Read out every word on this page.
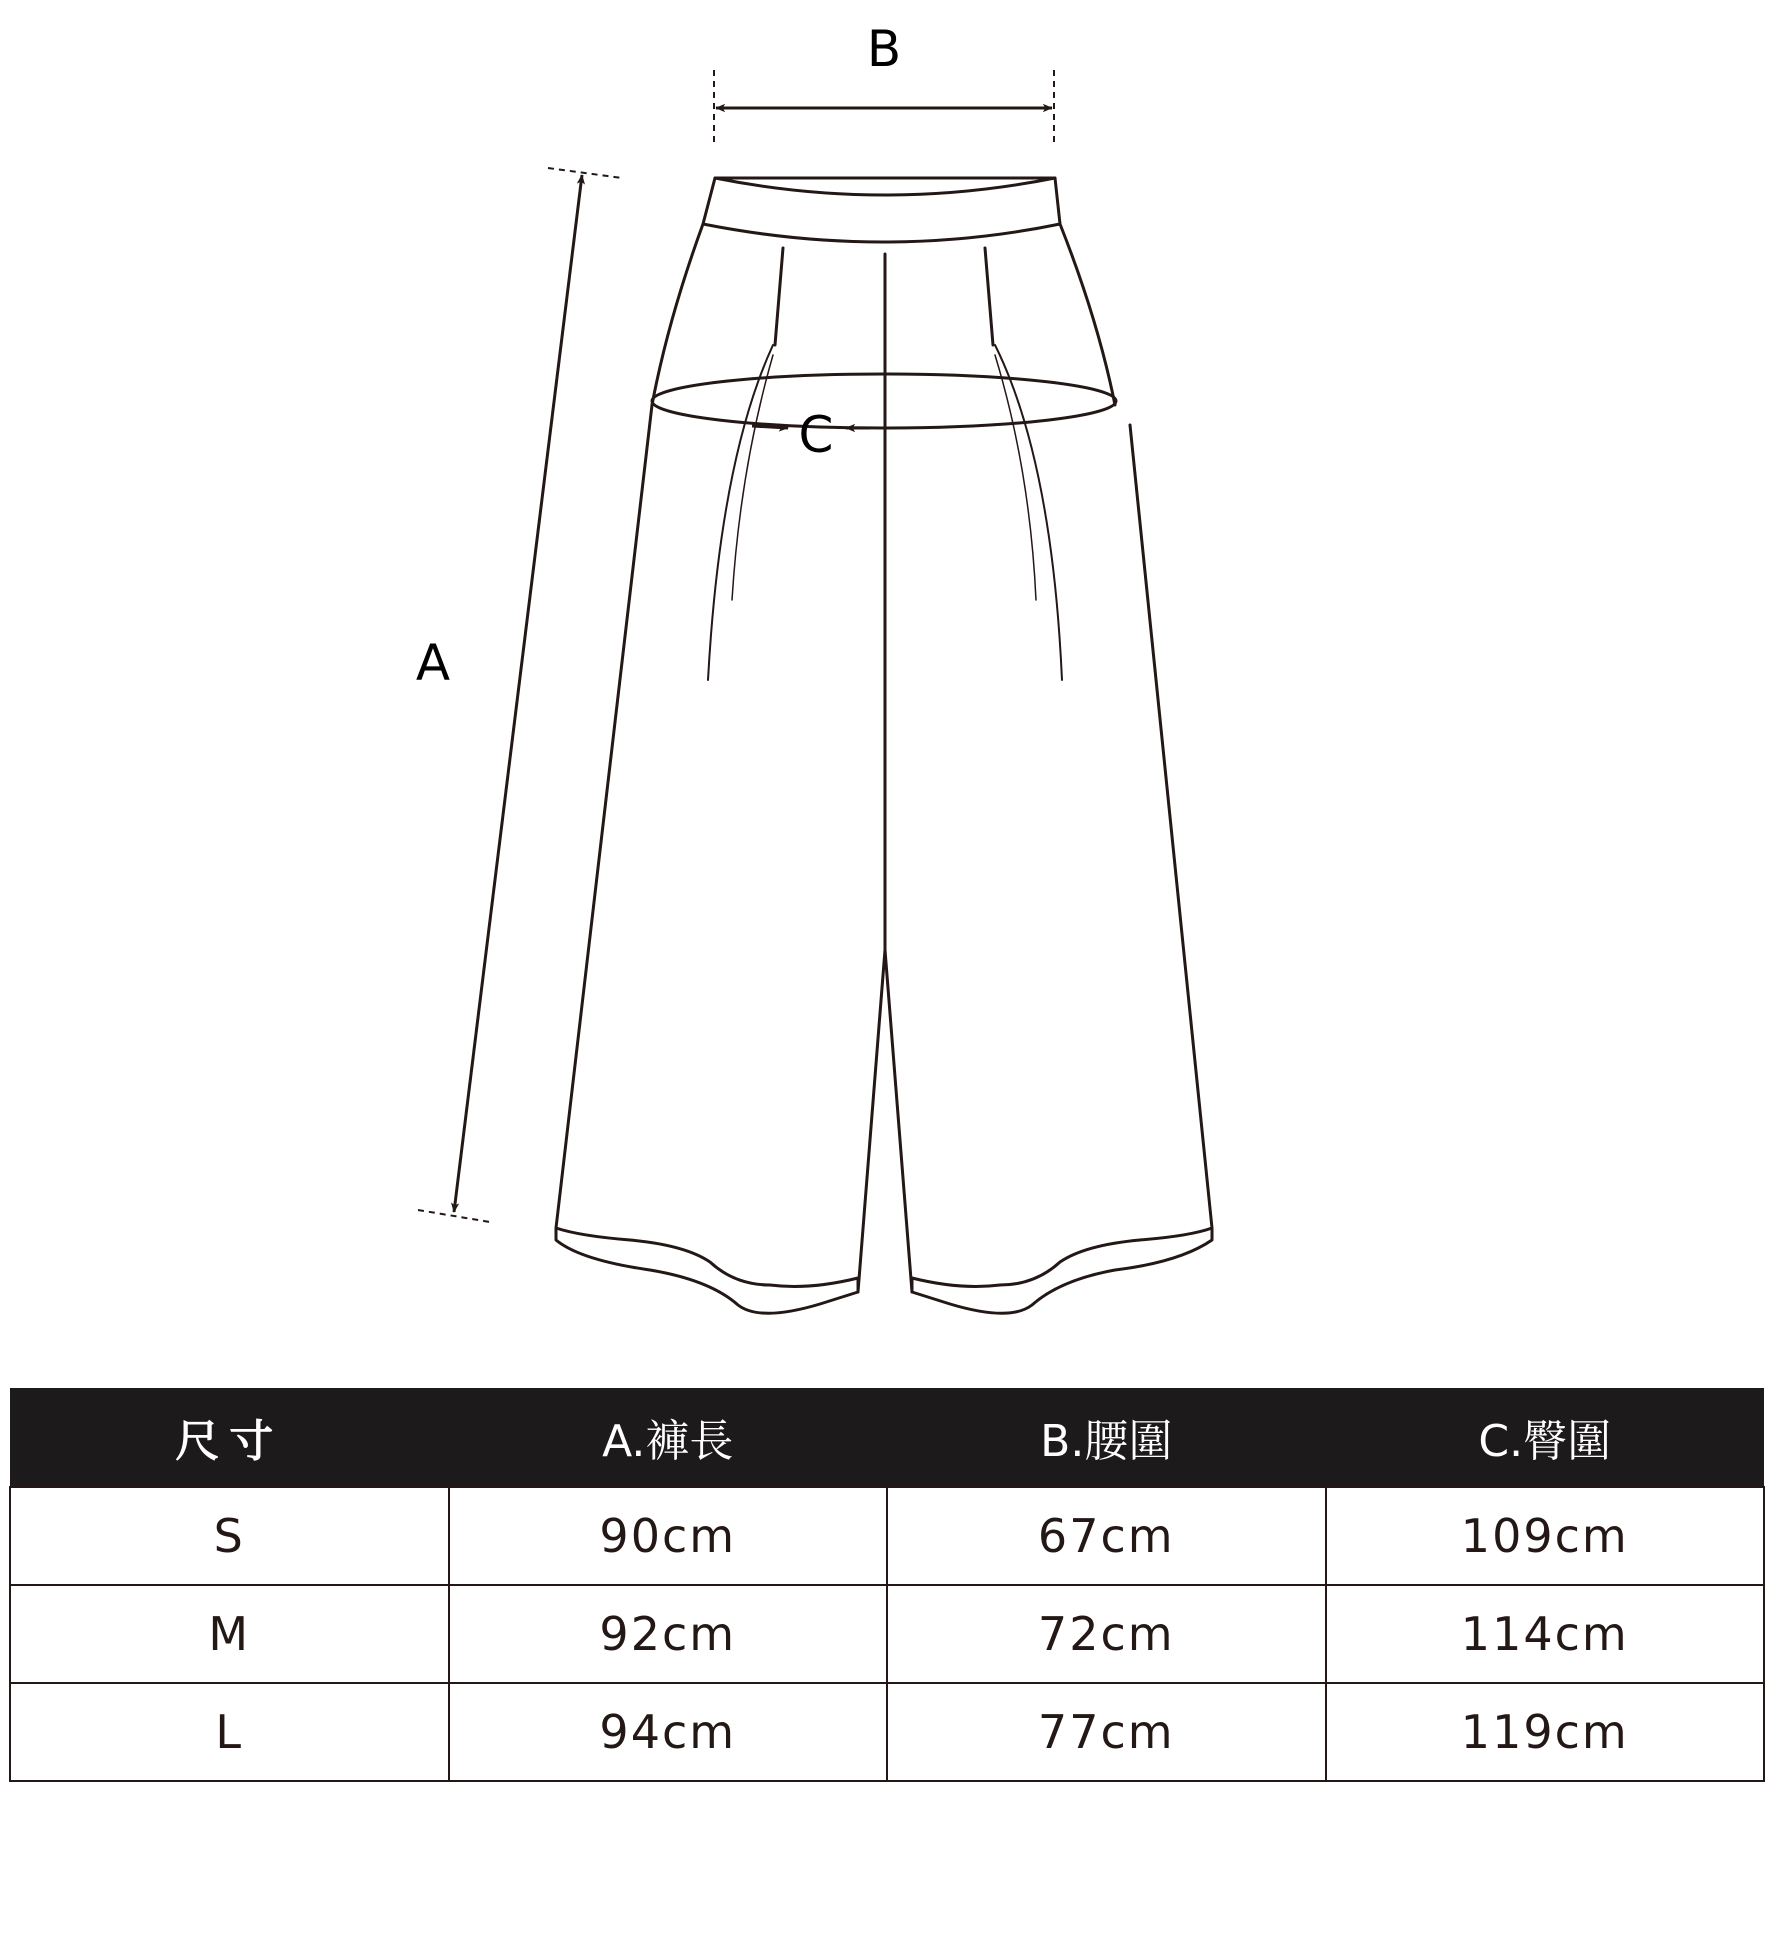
B
A
C
尺寸	A.褲長	B.腰圍	C.臀圍
S	90cm	67cm	109cm
M	92cm	72cm	114cm
L	94cm	77cm	119cm
